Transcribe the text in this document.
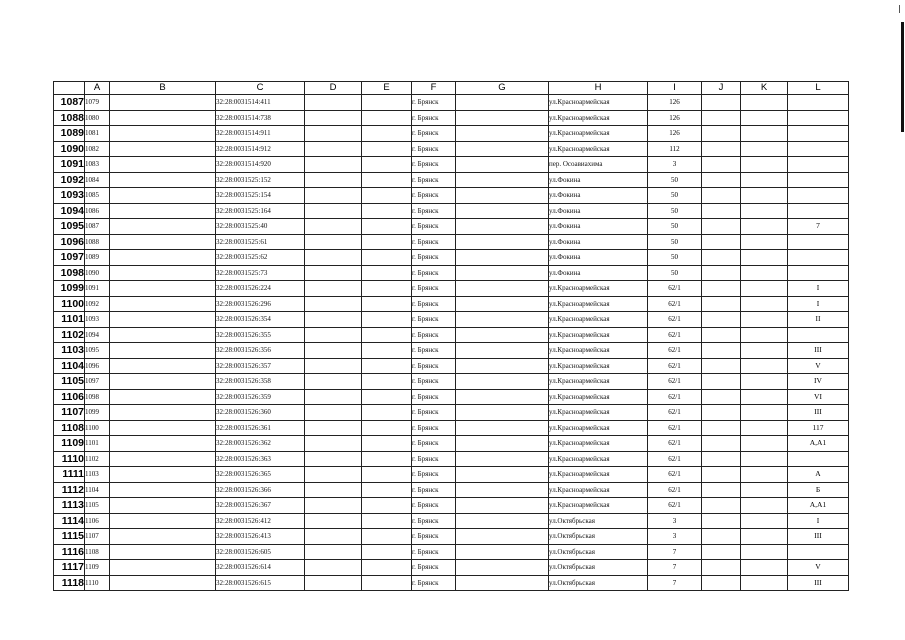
	A	B	C	D	E	F	G	H	I	J	K	L
1087	1079		32:28:0031514:411			г. Брянск		ул.Красноармейская	126			
1088	1080		32:28:0031514:738			г. Брянск		ул.Красноармейская	126			
1089	1081		32:28:0031514:911			г. Брянск		ул.Красноармейская	126			
1090	1082		32:28:0031514:912			г. Брянск		ул.Красноармейская	112			
1091	1083		32:28:0031514:920			г. Брянск		пер. Осоавиахима	3			
1092	1084		32:28:0031525:152			г. Брянск		ул.Фокина	50			
1093	1085		32:28:0031525:154			г. Брянск		ул.Фокина	50			
1094	1086		32:28:0031525:164			г. Брянск		ул.Фокина	50			
1095	1087		32:28:0031525:40			г. Брянск		ул.Фокина	50			7
1096	1088		32:28:0031525:61			г. Брянск		ул.Фокина	50			
1097	1089		32:28:0031525:62			г. Брянск		ул.Фокина	50			
1098	1090		32:28:0031525:73			г. Брянск		ул.Фокина	50			
1099	1091		32:28:0031526:224			г. Брянск		ул.Красноармейская	62/1			I
1100	1092		32:28:0031526:296			г. Брянск		ул.Красноармейская	62/1			I
1101	1093		32:28:0031526:354			г. Брянск		ул.Красноармейская	62/1			II
1102	1094		32:28:0031526:355			г. Брянск		ул.Красноармейская	62/1			
1103	1095		32:28:0031526:356			г. Брянск		ул.Красноармейская	62/1			III
1104	1096		32:28:0031526:357			г. Брянск		ул.Красноармейская	62/1			V
1105	1097		32:28:0031526:358			г. Брянск		ул.Красноармейская	62/1			IV
1106	1098		32:28:0031526:359			г. Брянск		ул.Красноармейская	62/1			VI
1107	1099		32:28:0031526:360			г. Брянск		ул.Красноармейская	62/1			III
1108	1100		32:28:0031526:361			г. Брянск		ул.Красноармейская	62/1			117
1109	1101		32:28:0031526:362			г. Брянск		ул.Красноармейская	62/1			А,А1
1110	1102		32:28:0031526:363			г. Брянск		ул.Красноармейская	62/1			
1111	1103		32:28:0031526:365			г. Брянск		ул.Красноармейская	62/1			А
1112	1104		32:28:0031526:366			г. Брянск		ул.Красноармейская	62/1			Б
1113	1105		32:28:0031526:367			г. Брянск		ул.Красноармейская	62/1			А,А1
1114	1106		32:28:0031526:412			г. Брянск		ул.Октябрьская	3			I
1115	1107		32:28:0031526:413			г. Брянск		ул.Октябрьская	3			III
1116	1108		32:28:0031526:605			г. Брянск		ул.Октябрьская	7			
1117	1109		32:28:0031526:614			г. Брянск		ул.Октябрьская	7			V
1118	1110		32:28:0031526:615			г. Брянск		ул.Октябрьская	7			III
